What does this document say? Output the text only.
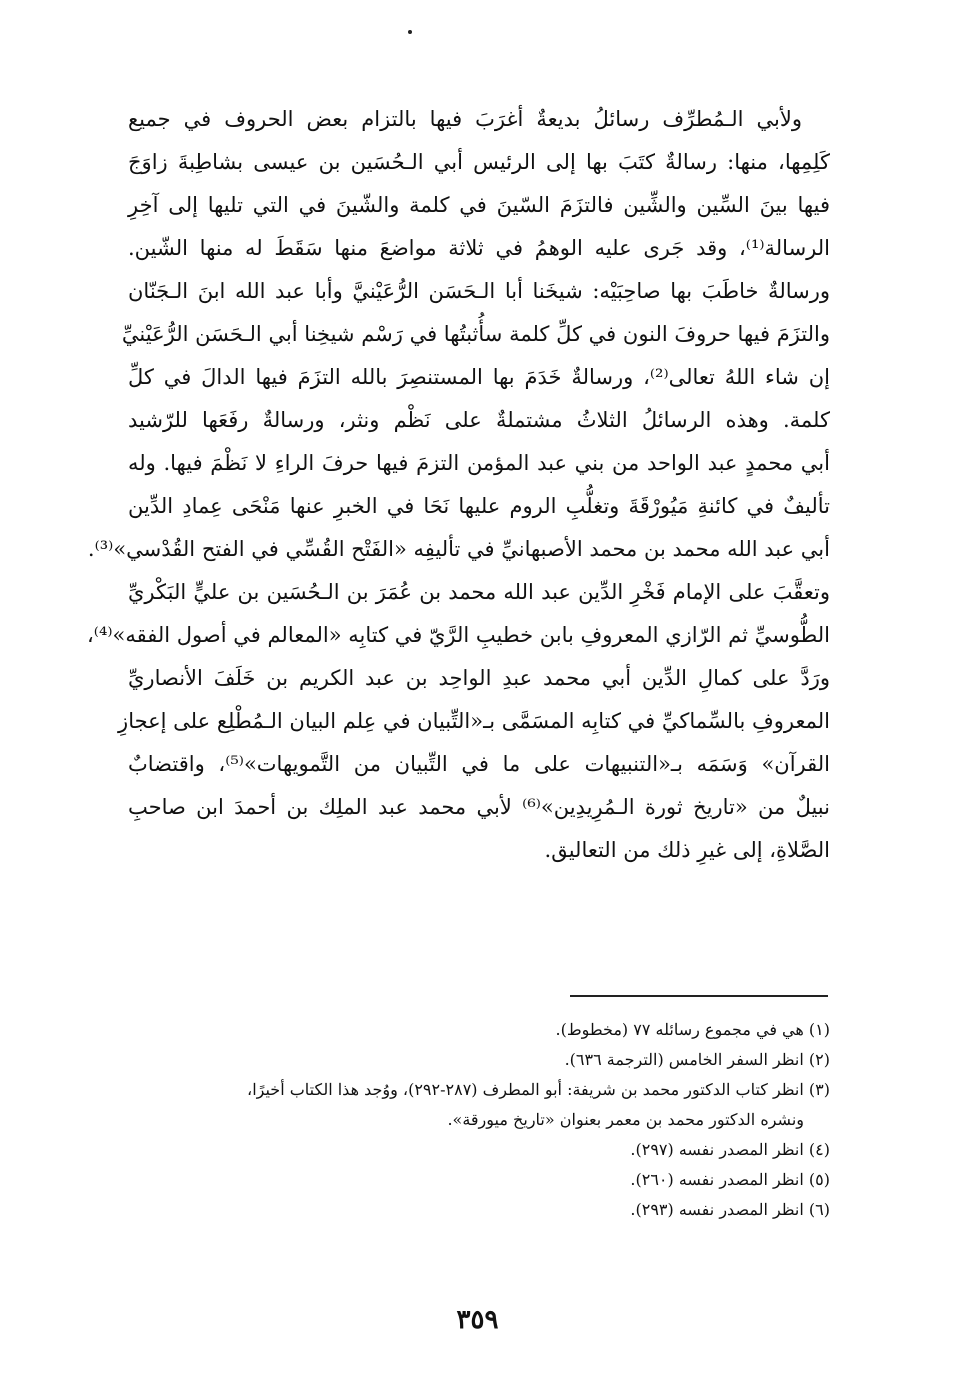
ولأبي الـمُطرِّف رسائلُ بديعةٌ أغرَبَ فيها بالتزام بعض الحروف في جميع
كَلِمِها، منها: رسالةٌ كتَبَ بها إلى الرئيس أبي الـحُسَين بن عيسى بشاطِبةَ زاوَجَ
فيها بينَ السِّين والشِّين فالتزَمَ السّينَ في كلمة والشّينَ في التي تليها إلى آخِرِ
الرسالة⁽¹⁾، وقد جَرى عليه الوهمُ في ثلاثة مواضعَ منها سَقَطَ له منها الشّين.
ورسالةٌ خاطَبَ بها صاحِبَيْه: شيخَنا أبا الـحَسَن الرُّعَيْنيَّ وأبا عبد الله ابنَ الـجَنّان
والتزَمَ فيها حروفَ النون في كلِّ كلمة سأُثبتُها في رَسْم شيخِنا أبي الـحَسَن الرُّعَيْنيِّ
إن شاء اللهُ تعالى⁽²⁾، ورسالةٌ خَدَمَ بها المستنصِرَ بالله التزَمَ فيها الدالَ في كلِّ
كلمة. وهذه الرسائلُ الثلاثُ مشتملةٌ على نَظْم ونثر، ورسالةٌ رفَعَها للرّشيد
أبي محمدٍ عبد الواحد من بني عبد المؤمن التزمَ فيها حرفَ الراءِ لا نَظْمَ فيها. وله
تأليفٌ في كائنةِ مَيُورْقَةَ وتغلُّبِ الروم عليها نَحَا في الخبرِ عنها مَنْحَى عِمادِ الدِّين
أبي عبد الله محمد بن محمد الأصبهانيِّ في تأليفِه «الفَتْح القُسِّي في الفتح القُدْسي»⁽³⁾.
وتعقَّبَ على الإمام فَخْرِ الدِّين عبد الله محمد بن عُمَرَ بن الـحُسَين بن عليٍّ البَكْريِّ
الطُّوسيِّ ثم الرّازي المعروفِ بابن خطيبِ الرَّيّ في كتابِه «المعالم في أصول الفقه»⁽⁴⁾،
ورَدَّ على كمالِ الدِّين أبي محمد عبدِ الواحِد بن عبد الكريم بن خَلَفَ الأنصاريِّ
المعروفِ بالسِّماكيِّ في كتابِه المسَمَّى بـ«التِّبيان في عِلم البيان الـمُطْلِع على إعجازِ
القرآن» وَسَمَه بـ«التنبيهات على ما في التِّبيان من التَّمويهات»⁽⁵⁾، واقتضابٌ
نبيلٌ من «تاريخ ثورة الـمُرِيدِين»⁽⁶⁾ لأبي محمد عبد الملِك بن أحمدَ ابن صاحبِ
الصَّلاةِ، إلى غيرِ ذلك من التعاليق.
(١) هي في مجموع رسائله ٧٧ (مخطوط).
(٢) انظر السفر الخامس (الترجمة ٦٣٦).
(٣) انظر كتاب الدكتور محمد بن شريفة: أبو المطرف (٢٨٧-٢٩٢)، ووُجد هذا الكتاب أخيرًا،
ونشره الدكتور محمد بن معمر بعنوان «تاريخ ميورقة».
(٤) انظر المصدر نفسه (٢٩٧).
(٥) انظر المصدر نفسه (٢٦٠).
(٦) انظر المصدر نفسه (٢٩٣).
٣٥٩
